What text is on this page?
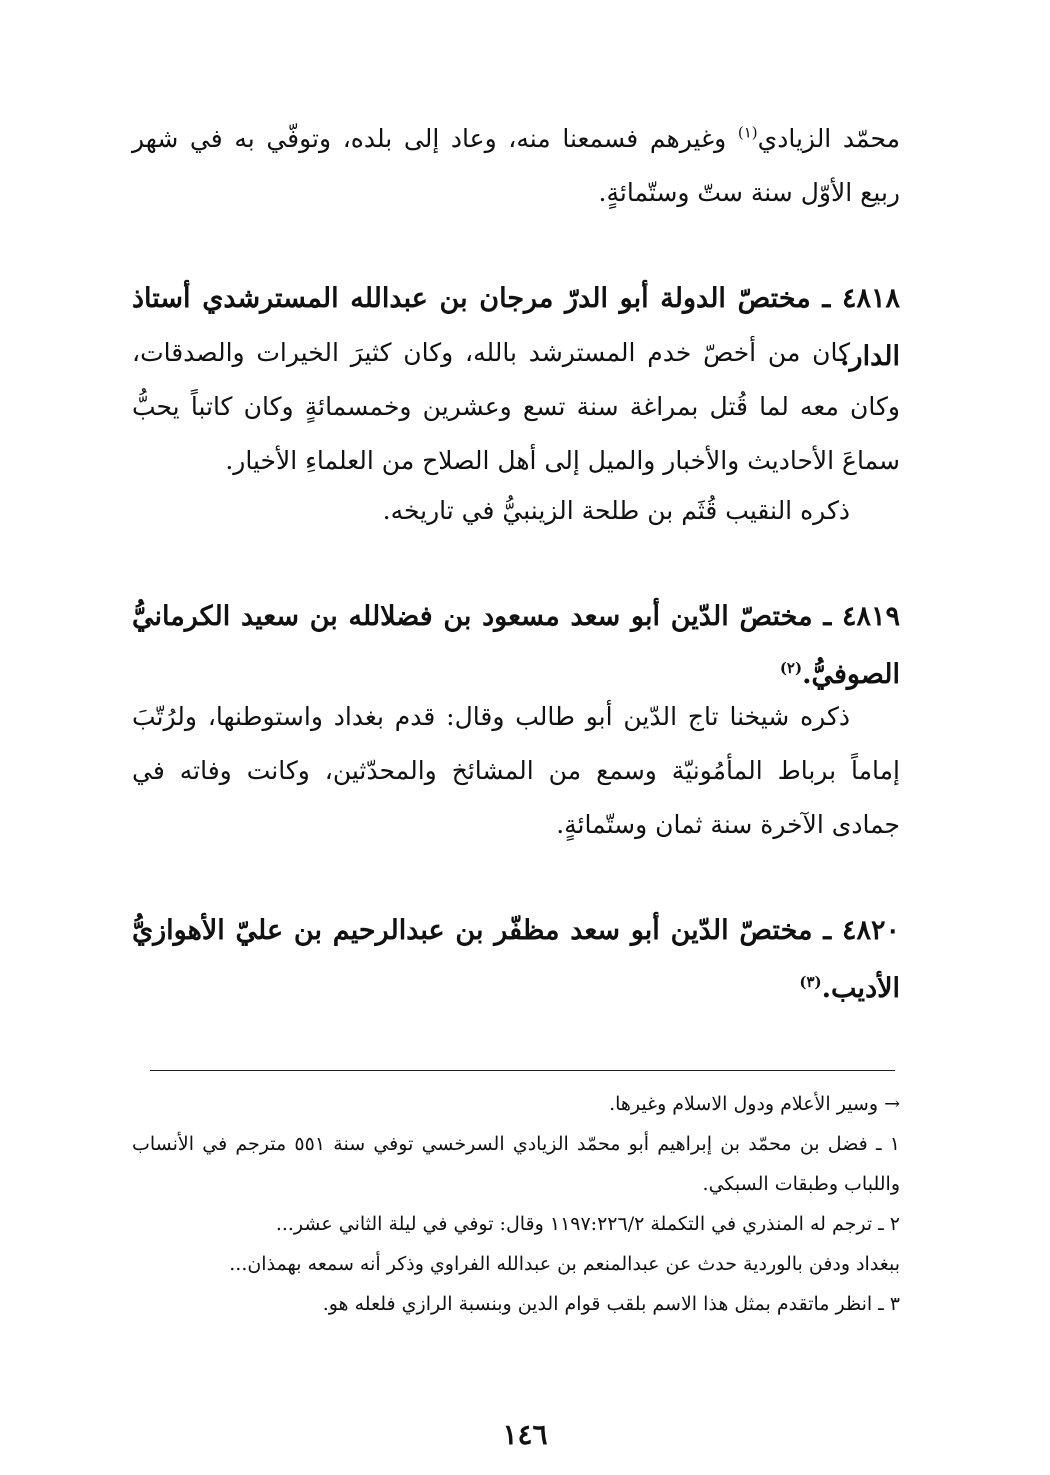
محمّد الزيادي$^{(١)}$ وغيرهم فسمعنا منه، وعاد إلى بلده، وتوفّي به في شهر ربيع الأوّل سنة ستّ وستّمائةٍ.
٤٨١٨ ـ مختصّ الدولة أبو الدرّ مرجان بن عبدالله المسترشدي أستاذ الدار.
كان من أخصّ خدم المسترشد بالله، وكان كثيرَ الخيرات والصدقات، وكان معه لما قُتل بمراغة سنة تسع وعشرين وخمسمائةٍ وكان كاتباً يحبُّ سماعَ الأحاديث والأخبار والميل إلى أهل الصلاح من العلماءِ الأخيار.
ذكره النقيب قُثَم بن طلحة الزينبيُّ في تاريخه.
٤٨١٩ ـ مختصّ الدّين أبو سعد مسعود بن فضلالله بن سعيد الكرمانيُّ الصوفيُّ.$^{(٢)}$
ذكره شيخنا تاج الدّين أبو طالب وقال: قدم بغداد واستوطنها، ولرُتّبَ إماماً برباط المأمُونيّة وسمع من المشائخ والمحدّثين، وكانت وفاته في جمادى الآخرة سنة ثمان وستّمائةٍ.
٤٨٢٠ ـ مختصّ الدّين أبو سعد مظفّر بن عبدالرحيم بن عليّ الأهوازيُّ الأديب.$^{(٣)}$
→ وسير الأعلام ودول الاسلام وغيرها.
١ ـ فضل بن محمّد بن إبراهيم أبو محمّد الزيادي السرخسي توفي سنة ٥٥١ مترجم في الأنساب واللباب وطبقات السبكي.
٢ ـ ترجم له المنذري في التكملة ١١٩٧:٢٢٦/٢ وقال: توفي في ليلة الثاني عشر...
ببغداد ودفن بالوردية حدث عن عبدالمنعم بن عبدالله الفراوي وذكر أنه سمعه بهمذان...
٣ ـ انظر ماتقدم بمثل هذا الاسم بلقب قوام الدين وبنسبة الرازي فلعله هو.
١٤٦
